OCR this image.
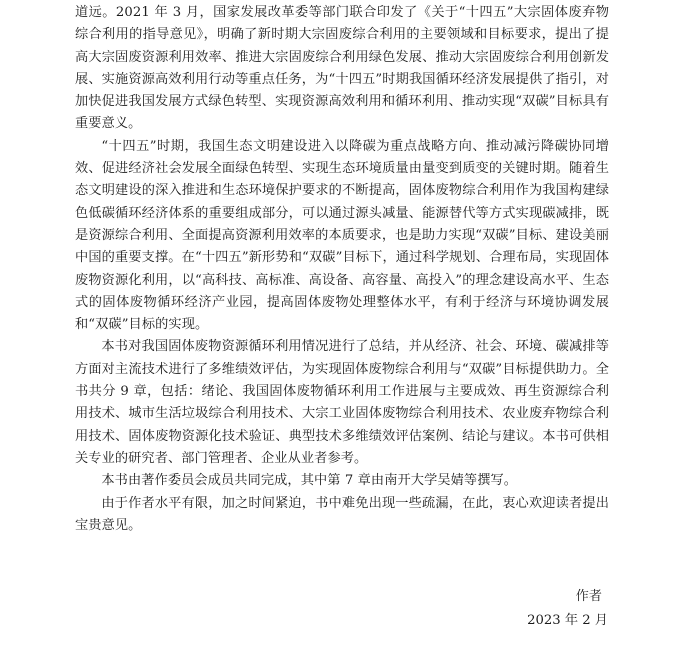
道远。2021 年 3 月，国家发展改革委等部门联合印发了《关于“十四五”大宗固体废弃物综合利用的指导意见》，明确了新时期大宗固废综合利用的主要领域和目标要求，提出了提高大宗固废资源利用效率、推进大宗固废综合利用绿色发展、推动大宗固废综合利用创新发展、实施资源高效利用行动等重点任务，为“十四五”时期我国循环经济发展提供了指引，对加快促进我国发展方式绿色转型、实现资源高效利用和循环利用、推动实现“双碳”目标具有重要意义。

“十四五”时期，我国生态文明建设进入以降碳为重点战略方向、推动减污降碳协同增效、促进经济社会发展全面绿色转型、实现生态环境质量由量变到质变的关键时期。随着生态文明建设的深入推进和生态环境保护要求的不断提高，固体废物综合利用作为我国构建绿色低碳循环经济体系的重要组成部分，可以通过源头减量、能源替代等方式实现碳减排，既是资源综合利用、全面提高资源利用效率的本质要求，也是助力实现“双碳”目标、建设美丽中国的重要支撑。在“十四五”新形势和“双碳”目标下，通过科学规划、合理布局，实现固体废物资源化利用，以“高科技、高标准、高设备、高容量、高投入”的理念建设高水平、生态式的固体废物循环经济产业园，提高固体废物处理整体水平，有利于经济与环境协调发展和“双碳”目标的实现。

本书对我国固体废物资源循环利用情况进行了总结，并从经济、社会、环境、碳减排等方面对主流技术进行了多维绩效评估，为实现固体废物综合利用与“双碳”目标提供助力。全书共分 9 章，包括：绪论、我国固体废物循环利用工作进展与主要成效、再生资源综合利用技术、城市生活垃圾综合利用技术、大宗工业固体废物综合利用技术、农业废弃物综合利用技术、固体废物资源化技术验证、典型技术多维绩效评估案例、结论与建议。本书可供相关专业的研究者、部门管理者、企业从业者参考。

本书由著作委员会成员共同完成，其中第 7 章由南开大学吴婧等撰写。

由于作者水平有限，加之时间紧迫，书中难免出现一些疏漏，在此，衷心欢迎读者提出宝贵意见。

作者
2023 年 2 月
